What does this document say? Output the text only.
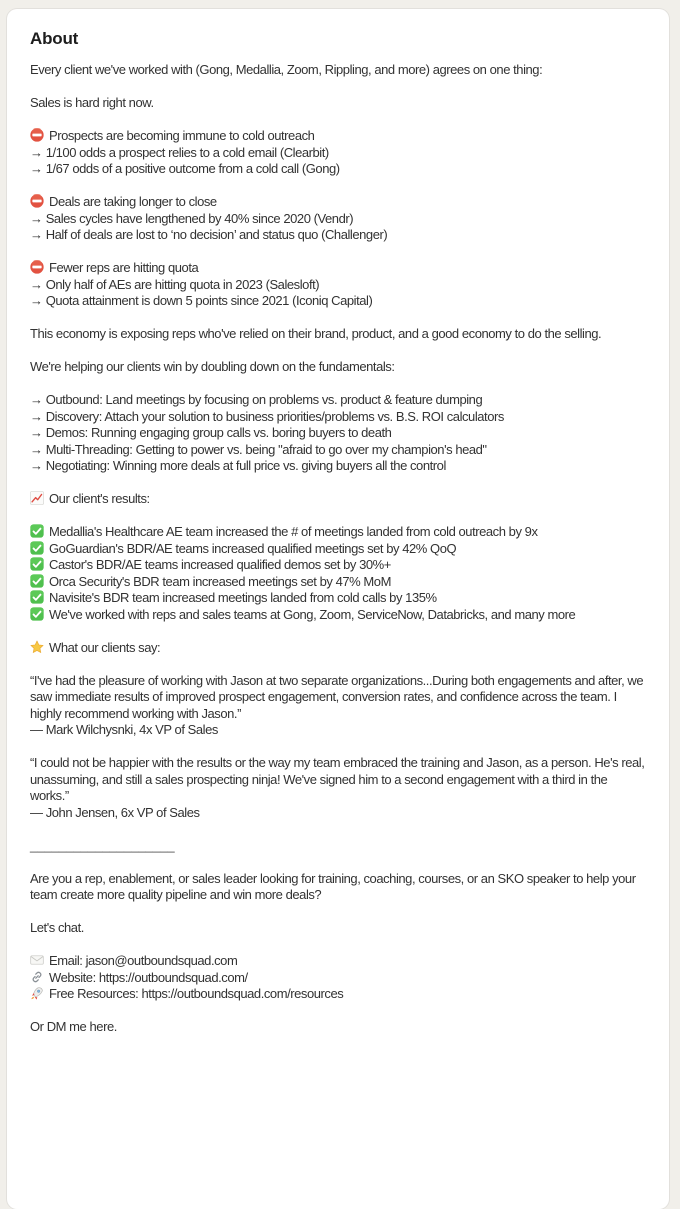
About
Every client we've worked with (Gong, Medallia, Zoom, Rippling, and more) agrees on one thing:
Sales is hard right now.
Prospects are becoming immune to cold outreach
→ 1/100 odds a prospect relies to a cold email (Clearbit)
→ 1/67 odds of a positive outcome from a cold call (Gong)
Deals are taking longer to close
→ Sales cycles have lengthened by 40% since 2020 (Vendr)
→ Half of deals are lost to ‘no decision’ and status quo (Challenger)
Fewer reps are hitting quota
→ Only half of AEs are hitting quota in 2023 (Salesloft)
→ Quota attainment is down 5 points since 2021 (Iconiq Capital)
This economy is exposing reps who've relied on their brand, product, and a good economy to do the selling.
We're helping our clients win by doubling down on the fundamentals:
→ Outbound: Land meetings by focusing on problems vs. product & feature dumping
→ Discovery: Attach your solution to business priorities/problems vs. B.S. ROI calculators
→ Demos: Running engaging group calls vs. boring buyers to death
→ Multi-Threading: Getting to power vs. being "afraid to go over my champion's head"
→ Negotiating: Winning more deals at full price vs. giving buyers all the control
Our client's results:
Medallia's Healthcare AE team increased the # of meetings landed from cold outreach by 9x
GoGuardian's BDR/AE teams increased qualified meetings set by 42% QoQ
Castor's BDR/AE teams increased qualified demos set by 30%+
Orca Security's BDR team increased meetings set by 47% MoM
Navisite's BDR team increased meetings landed from cold calls by 135%
We've worked with reps and sales teams at Gong, Zoom, ServiceNow, Databricks, and many more
What our clients say:
“I've had the pleasure of working with Jason at two separate organizations...During both engagements and after, we saw immediate results of improved prospect engagement, conversion rates, and confidence across the team. I highly recommend working with Jason.”
— Mark Wilchysnki, 4x VP of Sales
“I could not be happier with the results or the way my team embraced the training and Jason, as a person. He's real, unassuming, and still a sales prospecting ninja! We've signed him to a second engagement with a third in the works.”
— John Jensen, 6x VP of Sales
____________________
Are you a rep, enablement, or sales leader looking for training, coaching, courses, or an SKO speaker to help your team create more quality pipeline and win more deals?
Let's chat.
Email: jason@outboundsquad.com
Website: https://outboundsquad.com/
Free Resources: https://outboundsquad.com/resources
Or DM me here.
